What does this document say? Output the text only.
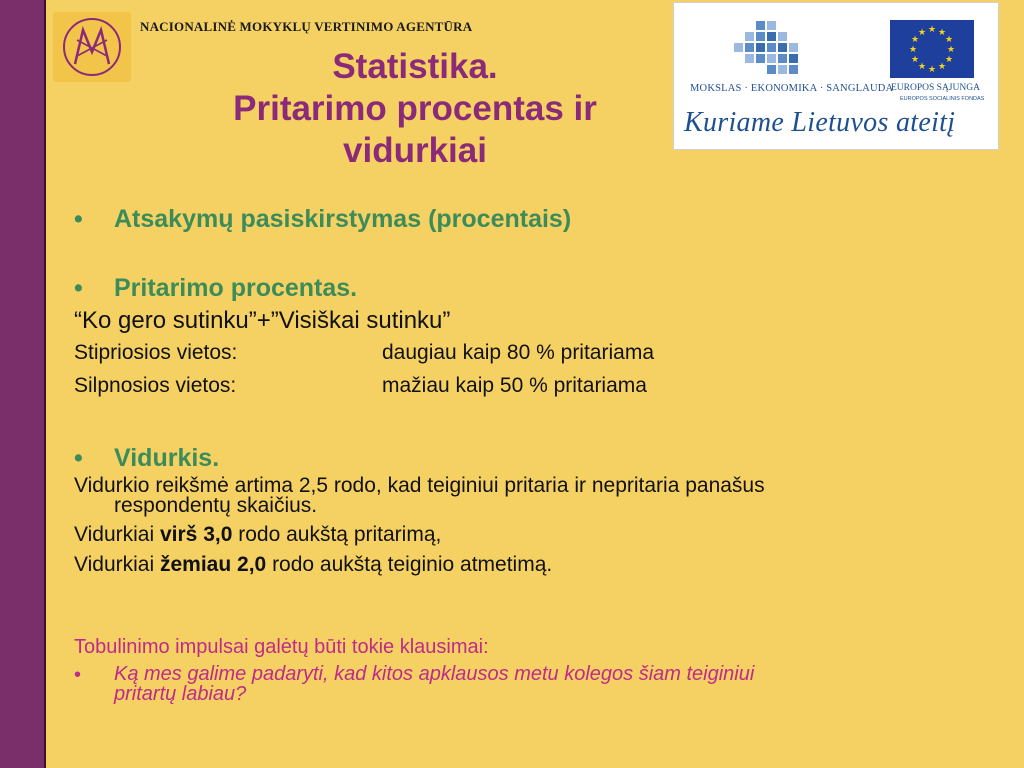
NACIONALINĖ MOKYKLŲ VERTINIMO AGENTŪRA
Statistika.
Pritarimo procentas ir
vidurkiai
MOKSLAS · EKONOMIKA · SANGLAUDA
★ ★
★
★
★
★
★
★
★
★
★
★
EUROPOS SĄJUNGA
EUROPOS SOCIALINIS FONDAS
Kuriame Lietuvos ateitį
• Atsakymų pasiskirstymas (procentais)
• Pritarimo procentas.
“Ko gero sutinku”+”Visiškai sutinku”
Stipriosios vietos:	daugiau kaip 80 % pritariama
Silpnosios vietos:	mažiau kaip 50 % pritariama
• Vidurkis.
Vidurkio reikšmė artima 2,5 rodo, kad teiginiui pritaria ir nepritaria panašus
respondentų skaičius.
Vidurkiai virš 3,0 rodo aukštą pritarimą,
Vidurkiai žemiau 2,0 rodo aukštą teiginio atmetimą.
Tobulinimo impulsai galėtų būti tokie klausimai:
• Ką mes galime padaryti, kad kitos apklausos metu kolegos šiam teiginiui
pritartų labiau?
